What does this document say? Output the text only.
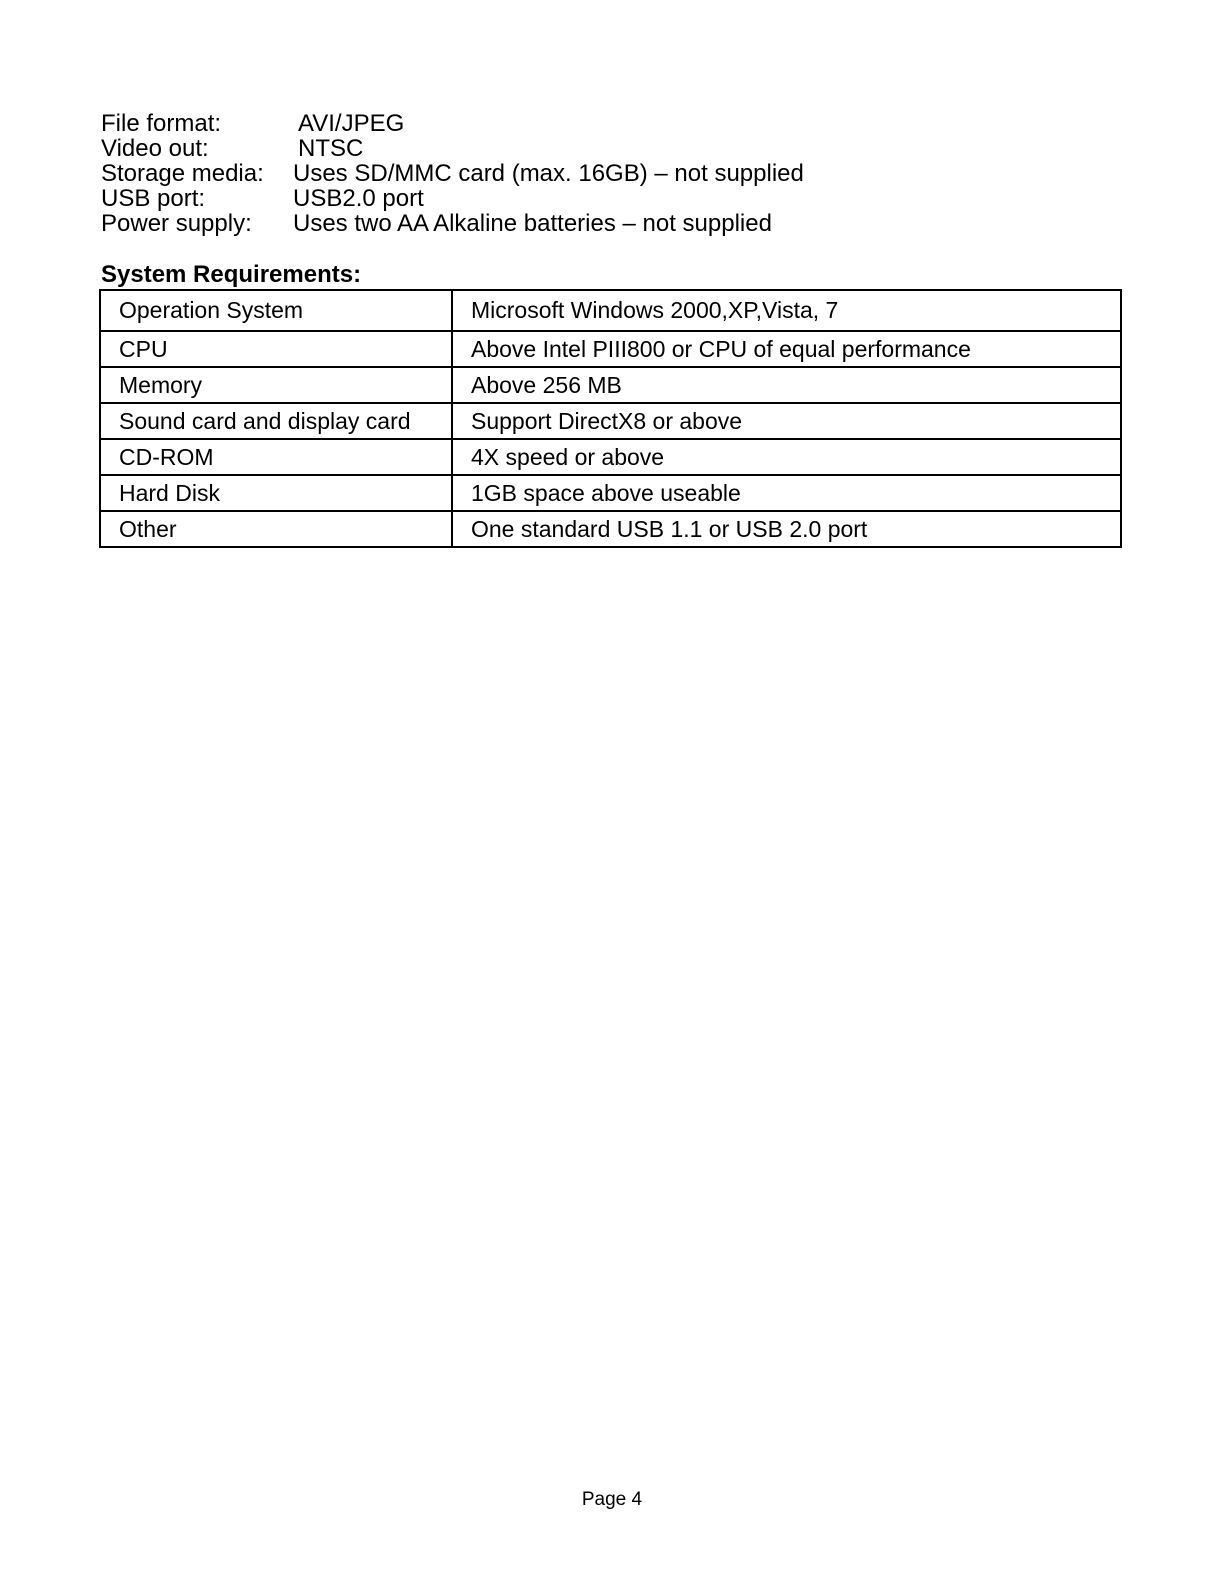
File format:	AVI/JPEG
Video out:	NTSC
Storage media: Uses SD/MMC card (max. 16GB) – not supplied
USB port:	USB2.0 port
Power supply: Uses two AA Alkaline batteries – not supplied
System Requirements:
Operation System	Microsoft Windows 2000,XP,Vista, 7
CPU	Above Intel PIII800 or CPU of equal performance
Memory	Above 256 MB
Sound card and display card	Support DirectX8 or above
CD-ROM	4X speed or above
Hard Disk	1GB space above useable
Other	One standard USB 1.1 or USB 2.0 port
Page 4
